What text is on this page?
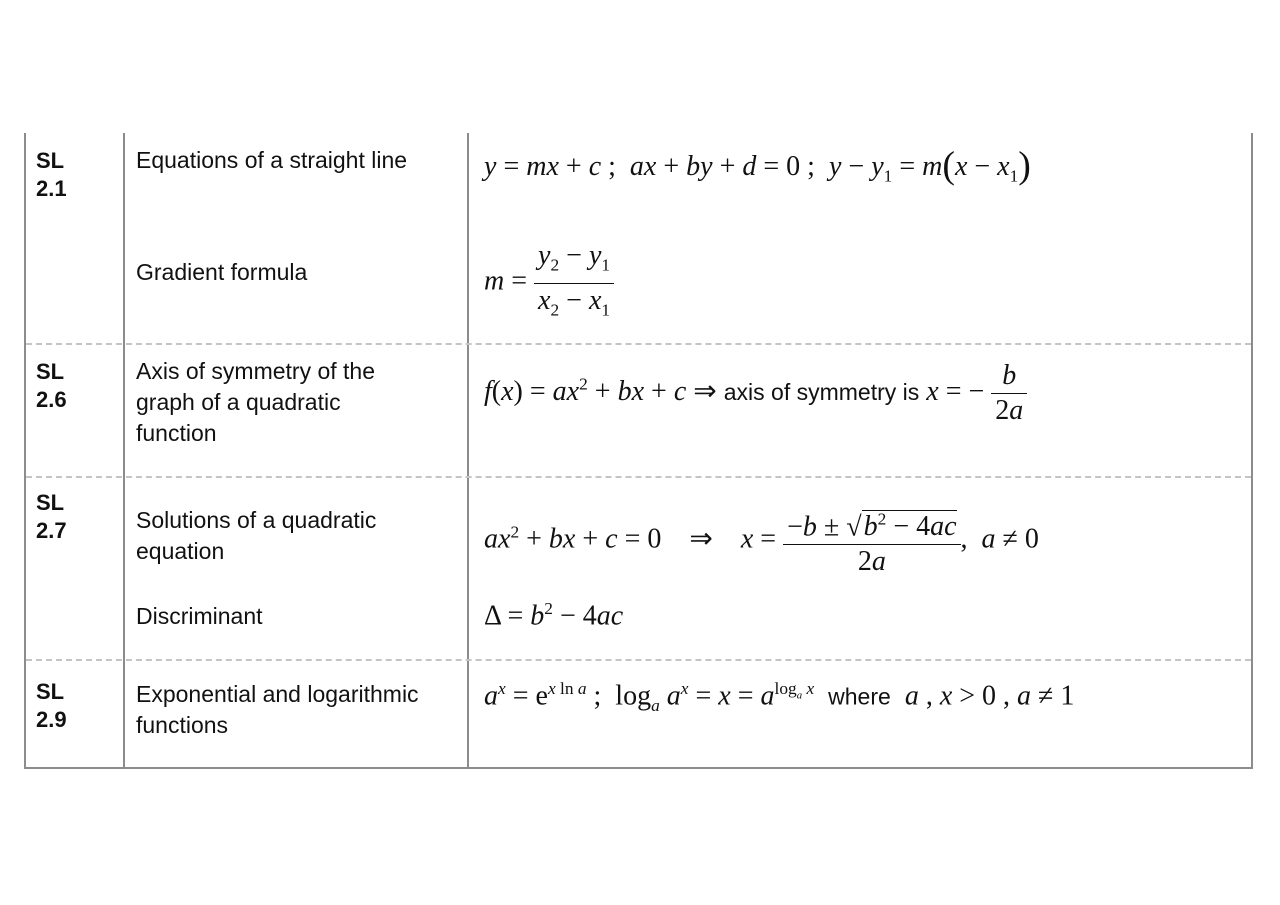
SL 2.1
Equations of a straight line
Gradient formula
y = mx + c ;  ax + by + d = 0 ;  $y - y_1 = m(x - x_1)$
$m = \frac{y_2 - y_1}{x_2 - x_1}$
SL 2.6
Axis of symmetry of the graph of a quadratic function
$f(x) = ax^2$ + bx + c ⇒ axis of symmetry is x = − $\frac{b}{2a}$
SL 2.7	Solutions of a quadratic equation
Discriminant
$ax^2$ + bx + c = 0    ⇒    $x = \frac{-b \pm √b^2 - 4ac}{2a}$ ,  a ≠ 0
$\Delta = b^2 - 4ac$
SL 2.9
Exponential and logarithmic functions
$a^x = e^{x ln a}$ ;  $\log_a a^x = x = a^{log_a x}$ where a , x > 0 , a ≠ 1
